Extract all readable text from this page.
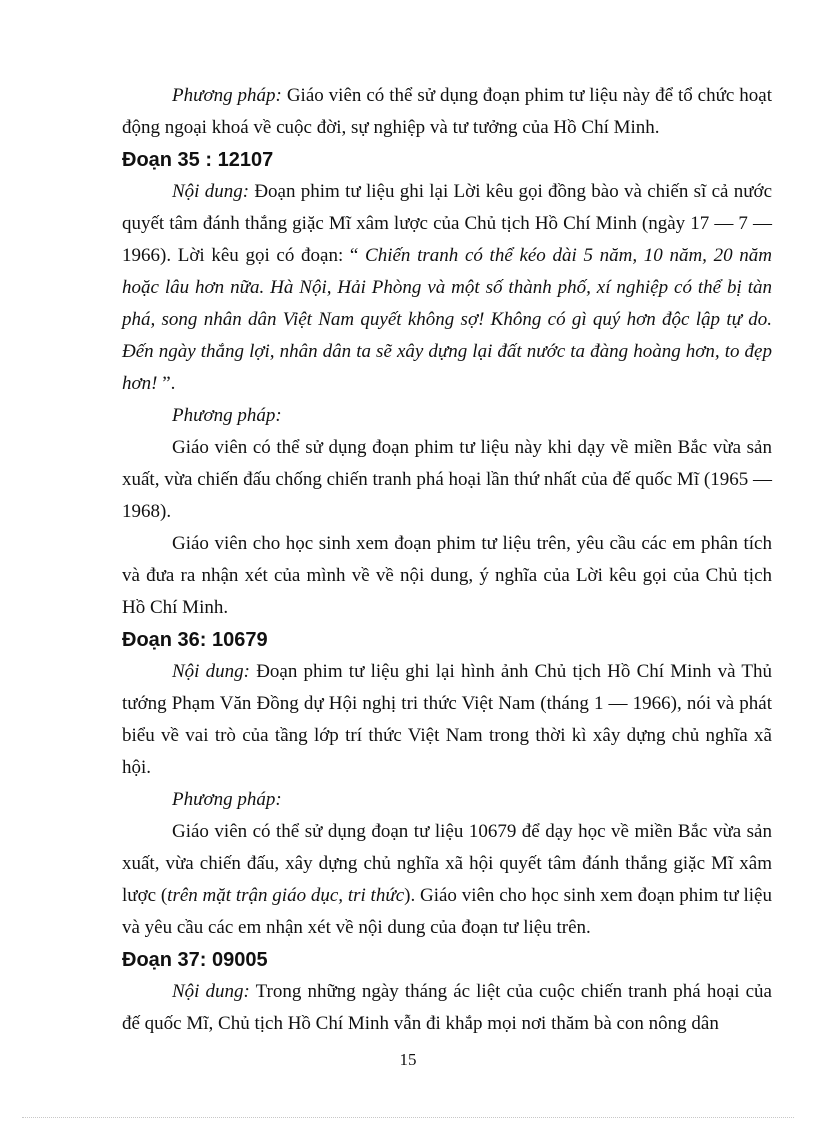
Phương pháp: Giáo viên có thể sử dụng đoạn phim tư liệu này để tổ chức hoạt động ngoại khoá về cuộc đời, sự nghiệp và tư tưởng của Hồ Chí Minh.

Đoạn 35 : 12107

Nội dung: Đoạn phim tư liệu ghi lại Lời kêu gọi đồng bào và chiến sĩ cả nước quyết tâm đánh thắng giặc Mĩ xâm lược của Chủ tịch Hồ Chí Minh (ngày 17 — 7 — 1966). Lời kêu gọi có đoạn: “ Chiến tranh có thể kéo dài 5 năm, 10 năm, 20 năm hoặc lâu hơn nữa. Hà Nội, Hải Phòng và một số thành phố, xí nghiệp có thể bị tàn phá, song nhân dân Việt Nam quyết không sợ! Không có gì quý hơn độc lập tự do. Đến ngày thắng lợi, nhân dân ta sẽ xây dựng lại đất nước ta đàng hoàng hơn, to đẹp hơn! ”.

Phương pháp:

Giáo viên có thể sử dụng đoạn phim tư liệu này khi dạy về miền Bắc vừa sản xuất, vừa chiến đấu chống chiến tranh phá hoại lần thứ nhất của đế quốc Mĩ (1965 — 1968).

Giáo viên cho học sinh xem đoạn phim tư liệu trên, yêu cầu các em phân tích và đưa ra nhận xét của mình về về nội dung, ý nghĩa của Lời kêu gọi của Chủ tịch Hồ Chí Minh.

Đoạn 36: 10679

Nội dung: Đoạn phim tư liệu ghi lại hình ảnh Chủ tịch Hồ Chí Minh và Thủ tướng Phạm Văn Đồng dự Hội nghị tri thức Việt Nam (tháng 1 — 1966), nói và phát biểu về vai trò của tầng lớp trí thức Việt Nam trong thời kì xây dựng chủ nghĩa xã hội.

Phương pháp:

Giáo viên có thể sử dụng đoạn tư liệu 10679 để dạy học về miền Bắc vừa sản xuất, vừa chiến đấu, xây dựng chủ nghĩa xã hội quyết tâm đánh thắng giặc Mĩ xâm lược (trên mặt trận giáo dục, tri thức). Giáo viên cho học sinh xem đoạn phim tư liệu và yêu cầu các em nhận xét về nội dung của đoạn tư liệu trên.

Đoạn 37: 09005

Nội dung: Trong những ngày tháng ác liệt của cuộc chiến tranh phá hoại của đế quốc Mĩ, Chủ tịch Hồ Chí Minh vẫn đi khắp mọi nơi thăm bà con nông dân

15
